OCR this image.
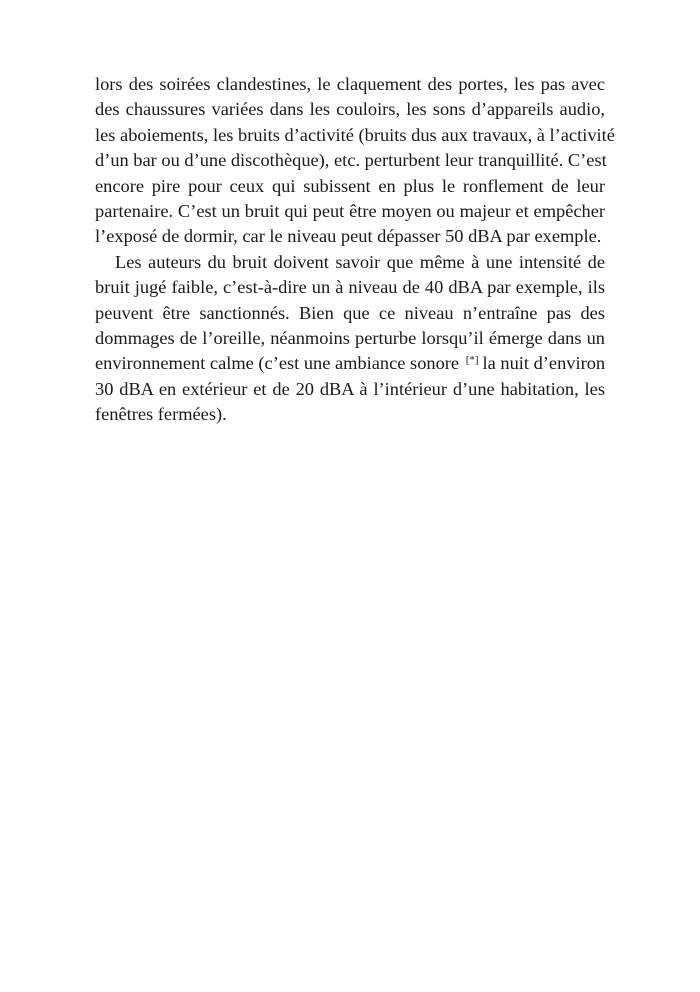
lors des soirées clandestines, le claquement des portes, les pas avec
des chaussures variées dans les couloirs, les sons d’appareils audio,
les aboiements, les bruits d’activité (bruits dus aux travaux, à l’activité
d’un bar ou d’une discothèque), etc. perturbent leur tranquillité. C’est
encore pire pour ceux qui subissent en plus le ronflement de leur
partenaire. C’est un bruit qui peut être moyen ou majeur et empêcher
l’exposé de dormir, car le niveau peut dépasser 50 dBA par exemple.
Les auteurs du bruit doivent savoir que même à une intensité de
bruit jugé faible, c’est-à-dire un à niveau de 40 dBA par exemple, ils
peuvent être sanctionnés. Bien que ce niveau n’entraîne pas des
dommages de l’oreille, néanmoins perturbe lorsqu’il émerge dans un
environnement calme (c’est une ambiance sonore [*] la nuit d’environ
30 dBA en extérieur et de 20 dBA à l’intérieur d’une habitation, les
fenêtres fermées).
